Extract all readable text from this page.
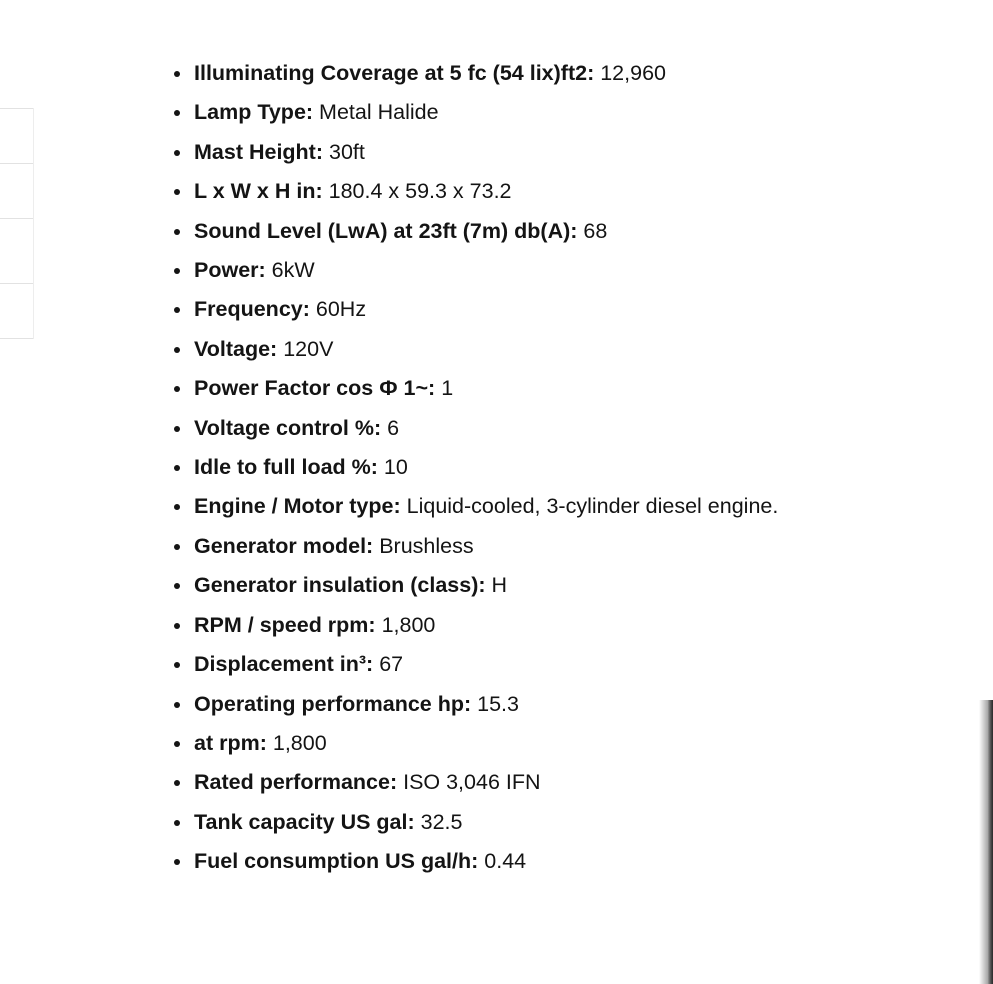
Illuminating Coverage at 5 fc (54 lix)ft2: 12,960
Lamp Type: Metal Halide
Mast Height: 30ft
L x W x H in: 180.4 x 59.3 x 73.2
Sound Level (LwA) at 23ft (7m) db(A): 68
Power: 6kW
Frequency: 60Hz
Voltage: 120V
Power Factor cos Ф 1~: 1
Voltage control %: 6
Idle to full load %: 10
Engine / Motor type: Liquid-cooled, 3-cylinder diesel engine.
Generator model: Brushless
Generator insulation (class): H
RPM / speed rpm: 1,800
Displacement in³: 67
Operating performance hp: 15.3
at rpm: 1,800
Rated performance: ISO 3,046 IFN
Tank capacity US gal: 32.5
Fuel consumption US gal/h: 0.44
